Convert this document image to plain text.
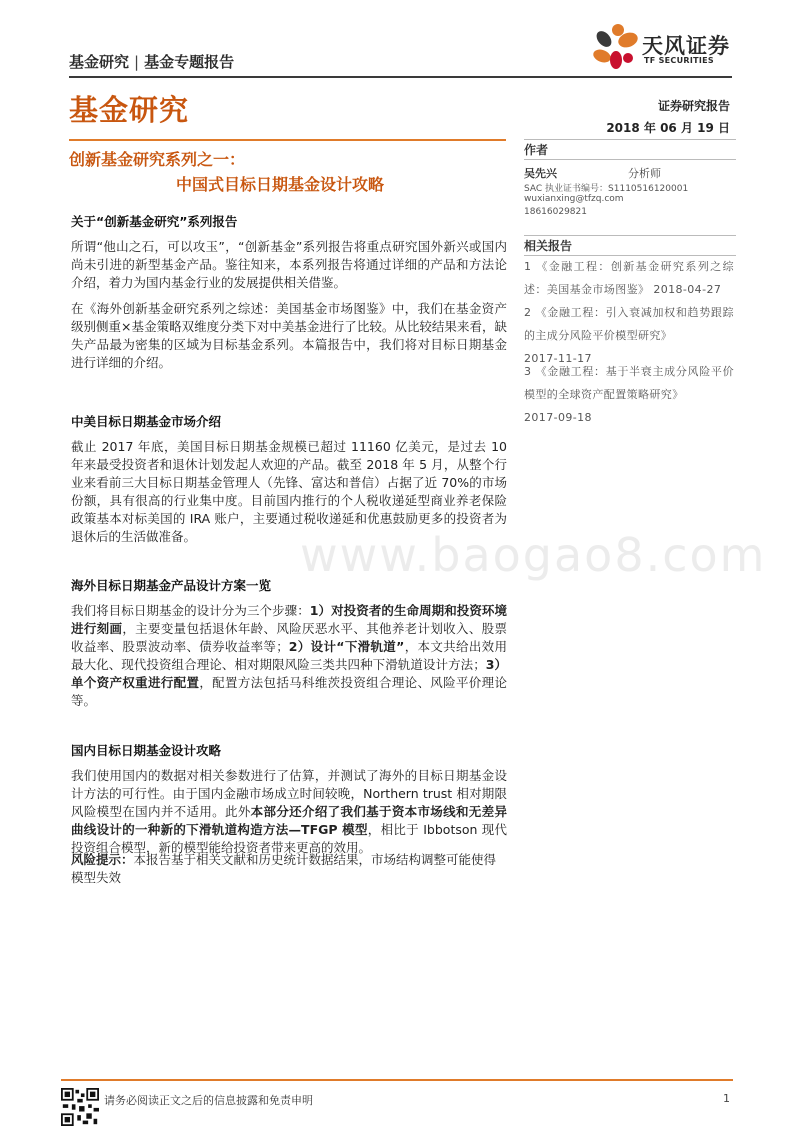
www.baogao8.com
基金研究 | 基金专题报告
天风证券
TF SECURITIES
基金研究
创新基金研究系列之一：
中国式目标日期基金设计攻略
关于“创新基金研究”系列报告

所谓“他山之石，可以攻玉”，“创新基金”系列报告将重点研究国外新兴或国内尚未引进的新型基金产品。鉴往知来，本系列报告将通过详细的产品和方法论介绍，着力为国内基金行业的发展提供相关借鉴。

在《海外创新基金研究系列之综述：美国基金市场图鉴》中，我们在基金资产级别侧重×基金策略双维度分类下对中美基金进行了比较。从比较结果来看，缺失产品最为密集的区域为目标基金系列。本篇报告中，我们将对目标日期基金进行详细的介绍。

中美目标日期基金市场介绍

截止 2017 年底，美国目标日期基金规模已超过 11160 亿美元，是过去 10 年来最受投资者和退休计划发起人欢迎的产品。截至 2018 年 5 月，从整个行业来看前三大目标日期基金管理人（先锋、富达和普信）占据了近 70%的市场份额，具有很高的行业集中度。目前国内推行的个人税收递延型商业养老保险政策基本对标美国的 IRA 账户，主要通过税收递延和优惠鼓励更多的投资者为退休后的生活做准备。

海外目标日期基金产品设计方案一览

我们将目标日期基金的设计分为三个步骤：1）对投资者的生命周期和投资环境进行刻画，主要变量包括退休年龄、风险厌恶水平、其他养老计划收入、股票收益率、股票波动率、债券收益率等；2）设计“下滑轨道”，本文共给出效用最大化、现代投资组合理论、相对期限风险三类共四种下滑轨道设计方法；3）单个资产权重进行配置，配置方法包括马科维茨投资组合理论、风险平价理论等。

国内目标日期基金设计攻略

我们使用国内的数据对相关参数进行了估算，并测试了海外的目标日期基金设计方法的可行性。由于国内金融市场成立时间较晚，Northern trust 相对期限风险模型在国内并不适用。此外本部分还介绍了我们基于资本市场线和无差异曲线设计的一种新的下滑轨道构造方法—TFGP 模型，相比于 Ibbotson 现代投资组合模型，新的模型能给投资者带来更高的效用。

风险提示：本报告基于相关文献和历史统计数据结果，市场结构调整可能使得模型失效
证券研究报告
2018 年 06 月 19 日
作者
吴先兴	分析师
SAC 执业证书编号：S1110516120001
wuxianxing@tfzq.com
18616029821
相关报告
1 《金融工程：创新基金研究系列之综述：美国基金市场图鉴》 2018-04-27
2 《金融工程：引入衰减加权和趋势跟踪的主成分风险平价模型研究》
2017-11-17
3 《金融工程：基于半衰主成分风险平价模型的全球资产配置策略研究》
2017-09-18
请务必阅读正文之后的信息披露和免责申明	1
